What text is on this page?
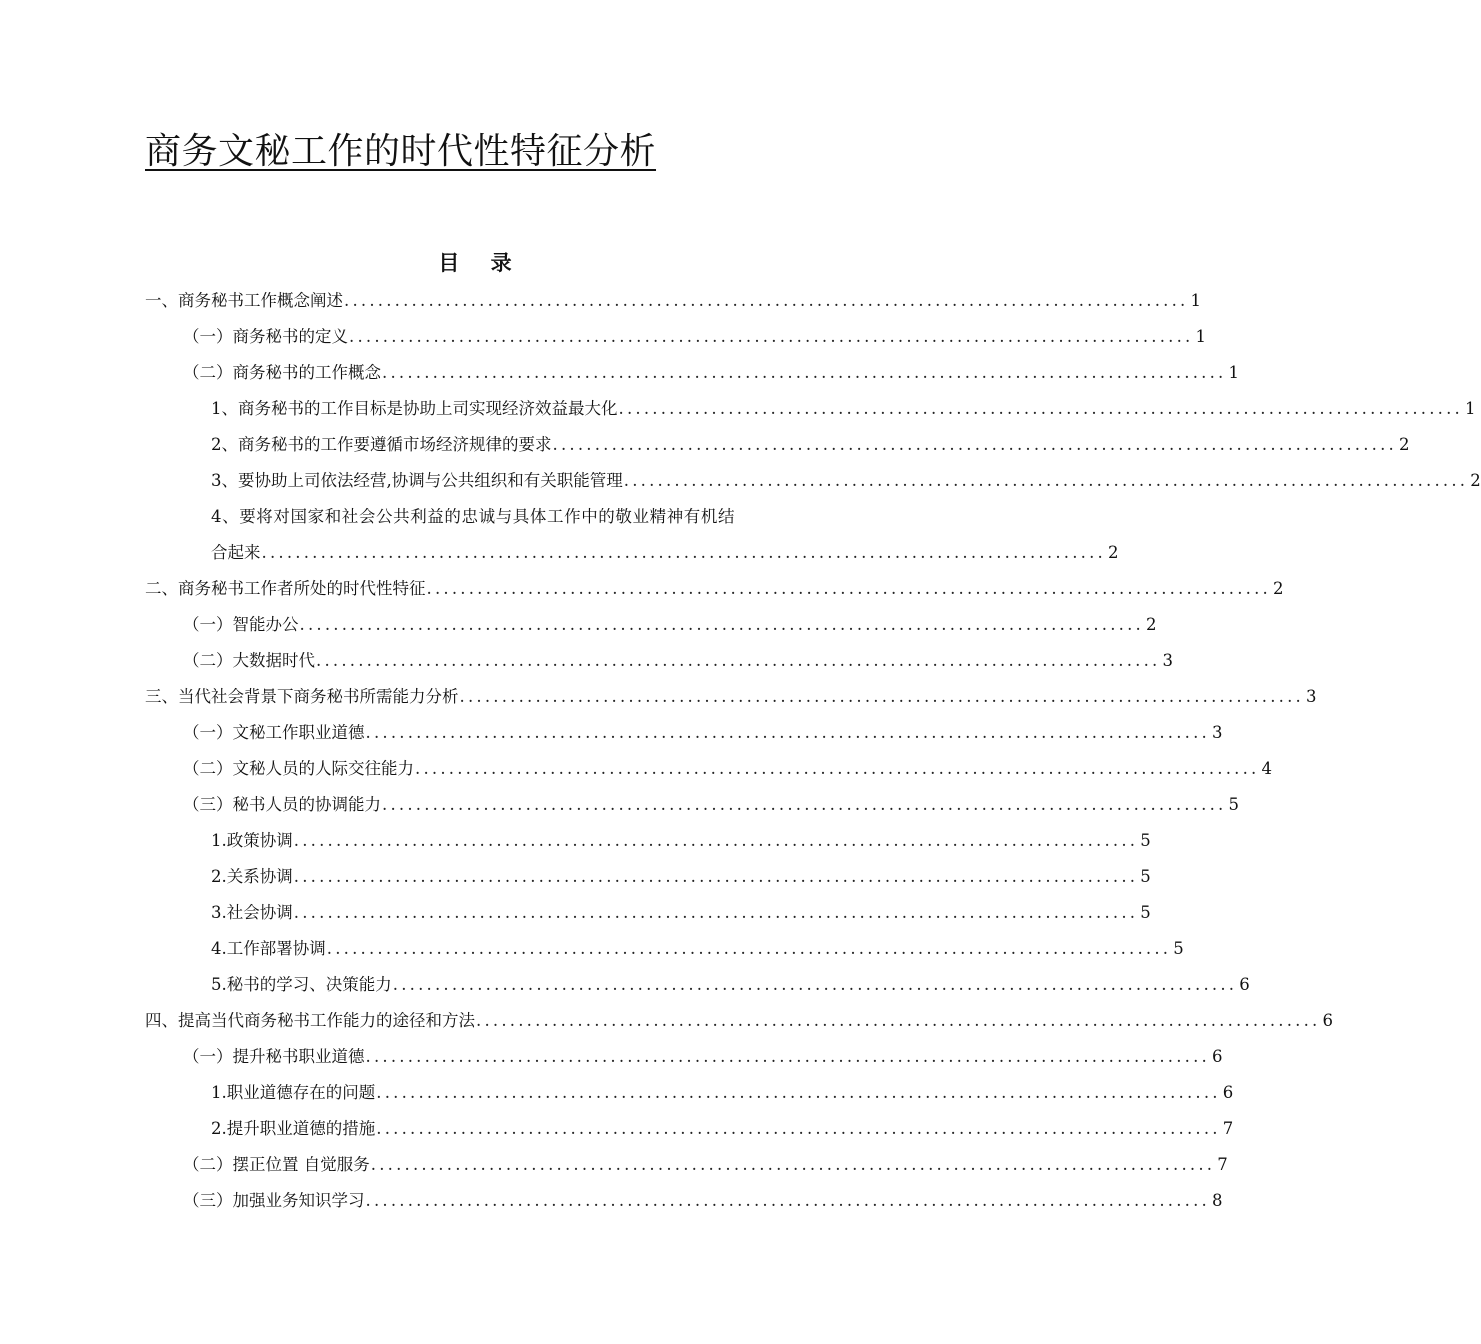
商务文秘工作的时代性特征分析
目 录
一、商务秘书工作概念阐述 .................................................................................................... 1
（一）商务秘书的定义 .................................................................................................... 1
（二）商务秘书的工作概念 .................................................................................................... 1
1、商务秘书的工作目标是协助上司实现经济效益最大化 .................................................................................................... 1
2、商务秘书的工作要遵循市场经济规律的要求 .................................................................................................... 2
3、要协助上司依法经营,协调与公共组织和有关职能管理 .................................................................................................... 2
4、要将对国家和社会公共利益的忠诚与具体工作中的敬业精神有机结
合起来 .................................................................................................... 2
二、商务秘书工作者所处的时代性特征 .................................................................................................... 2
（一）智能办公 .................................................................................................... 2
（二）大数据时代 .................................................................................................... 3
三、当代社会背景下商务秘书所需能力分析 .................................................................................................... 3
（一）文秘工作职业道德 .................................................................................................... 3
（二）文秘人员的人际交往能力 .................................................................................................... 4
（三）秘书人员的协调能力 .................................................................................................... 5
1.政策协调 .................................................................................................... 5
2.关系协调 .................................................................................................... 5
3.社会协调 .................................................................................................... 5
4.工作部署协调 .................................................................................................... 5
5.秘书的学习、决策能力 .................................................................................................... 6
四、提高当代商务秘书工作能力的途径和方法 .................................................................................................... 6
（一）提升秘书职业道德 .................................................................................................... 6
1.职业道德存在的问题 .................................................................................................... 6
2.提升职业道德的措施 .................................................................................................... 7
（二）摆正位置 自觉服务 .................................................................................................... 7
（三）加强业务知识学习 .................................................................................................... 8
